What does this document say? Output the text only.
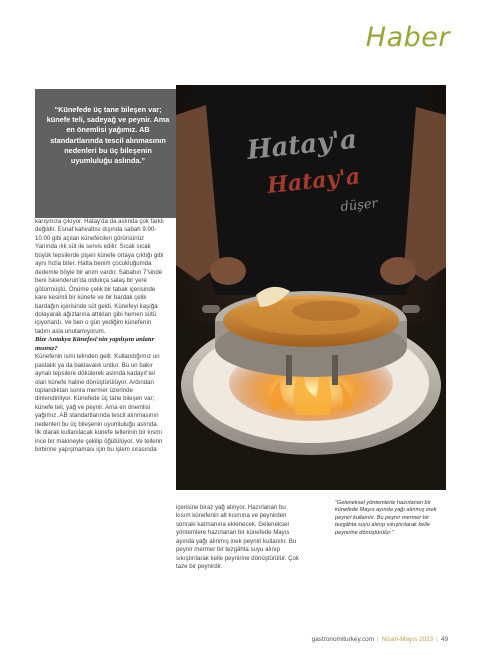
Haber
“Künefede üç tane bileşen var; künefe teli, sadeyağ ve peynir. Ama en önemlisi yağımız. AB standartlarında tescil alınmasının nedenleri bu üç bileşenin uyumluluğu aslında.”	Hatay'a
Hatay'a
düşer

karışmıza çıkıyor. Hatay'da da aslında çok farklı değildir. Esnaf kahvaltısı dışında sabah 9.00-10.00 gibi açılan künefecileri görürsünüz Yanında ılık süt ile servis edilir. Sıcak sıcak büyük tepsilerde pişen künefe ortaya çıktığı gibi aynı hızla biter. Hatta benim çocukluğumda dedemle böyle bir anım vardır. Sabahın 7'sinde beni İskenderun'da oldukça salaş bir yere götürmüştü. Önüme çelik bir tabak içerisinde kare kesimli bir künefe ve bir bardak çelik bardağın içerisinde süt geldi. Künefeyi kaşığa dolayarak ağızlarına attıkları gibi hemen sütü içiyorlardı. Ve ben o gün yediğim künefenin tadını asla unutamıyorum.

Bize Antakya Künefesi'nin yapılışını anlatır mısınız?

Künefenin ismi telinden gelir. Kullandığımız un pastalık ya da baklavalık undur. Bu un bakır aynalı tepsilere dökülerek aslında kadayıf tel olan künefe haline dönüştürülüyor. Ardından toplandıktan sonra mermer üzerinde dinlendiriliyor. Künefede üç tane bileşen var; künefe teli, yağ ve peynir. Ama en önemlisi yağımız. AB standartlarında tescil alınmasının nedenleri bu üç bileşenin uyumluluğu aslında. İlk olarak kullanılacak künefe tellerinin bir kısmı ince bir makineyle çekilip öğütülüyor. Ve tellerin birbirine yapışmaması için bu işlem sırasında

içerisine biraz yağ atılıyor. Hazırlanan bu kısım künefenin alt kısmına ve peynirden sonraki katmanına eklenecek. Geleneksel yöntemlere hazırlanan bir künefede Mayıs ayında yağı alınmış inek peyniri kullanılır. Bu peynir mermer bir tezgâhta suyu alınıp sıkıştırılarak kelle peynirine dönüştürülür. Çok taze bir peynirdir.

“Geleneksel yöntemlerle hazırlanan bir künefede Mayıs ayında yağı alınmış inek peyniri kullanılır. Bu peynir mermer bir tezgâhta suyu alınıp sıkıştırılarak kelle peynirine dönüştürülür.”
gastronomiturkey.com | Nisan-Mayıs 2023 | 49
